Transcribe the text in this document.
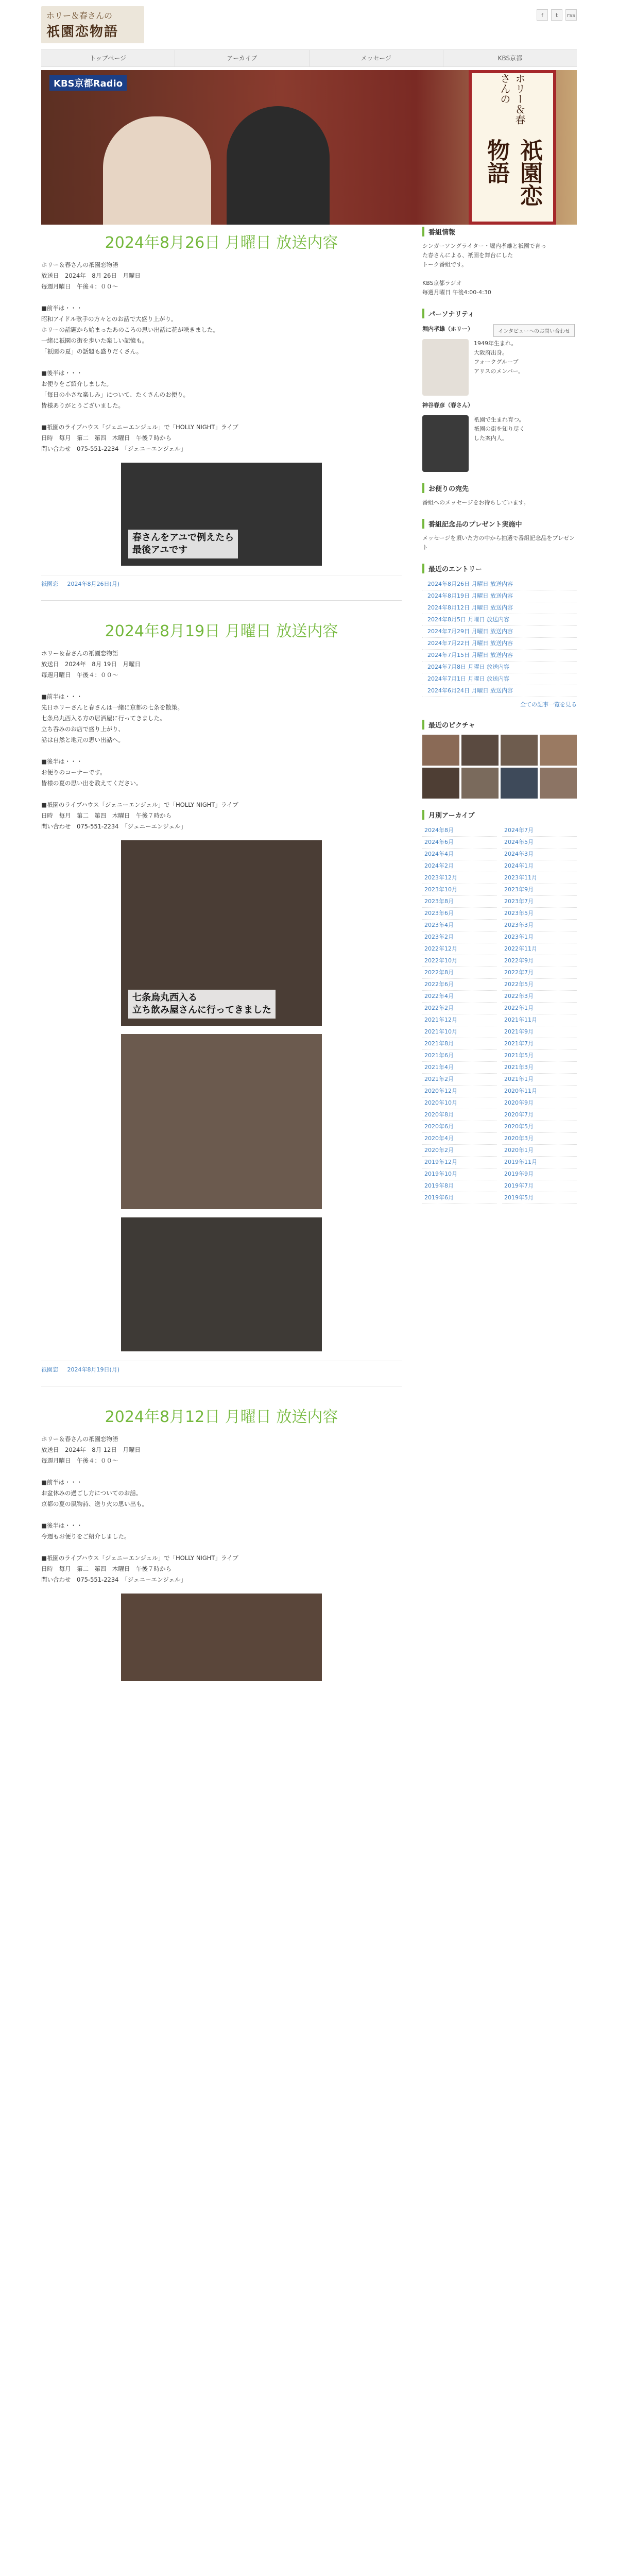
ホリー＆春さんの
祇園恋物語
f	t	rss
トップページ	アーカイブ	メッセージ	KBS京都
KBS京都Radio	ホリー＆春さんの
祇園恋物語
2024年8月26日 月曜日 放送内容

ホリー＆春さんの祇園恋物語
放送日　2024年　8月 26日　月曜日
毎週月曜日　午後４：００〜

■前半は・・・
昭和アイドル歌手の方々とのお話で大盛り上がり。
ホリーの話題から始まったあのころの思い出話に花が咲きました。
一緒に祇園の街を歩いた楽しい記憶も。
「祇園の夏」の話題も盛りだくさん。

■後半は・・・
お便りをご紹介しました。
「毎日の小さな楽しみ」について、たくさんのお便り。
皆様ありがとうございました。

■祇園のライブハウス「ジェニーエンジェル」で「HOLLY NIGHT」ライブ
日時　毎月　第二　第四　木曜日　午後７時から
問い合わせ　075-551-2234　「ジェニーエンジェル」

春さんをアユで例えたら
最後アユです
祇園恋 2024年8月26日(月)
2024年8月19日 月曜日 放送内容

ホリー＆春さんの祇園恋物語
放送日　2024年　8月 19日　月曜日
毎週月曜日　午後４：００〜

■前半は・・・
先日ホリーさんと春さんは一緒に京都の七条を散策。
七条烏丸西入る方の居酒屋に行ってきました。
立ち呑みのお店で盛り上がり、
話は自然と地元の思い出話へ。

■後半は・・・
お便りのコーナーです。
皆様の夏の思い出を教えてください。

■祇園のライブハウス「ジェニーエンジェル」で「HOLLY NIGHT」ライブ
日時　毎月　第二　第四　木曜日　午後７時から
問い合わせ　075-551-2234　「ジェニーエンジェル」

七条烏丸西入る
立ち飲み屋さんに行ってきました
祇園恋 2024年8月19日(月)
2024年8月12日 月曜日 放送内容

ホリー＆春さんの祇園恋物語
放送日　2024年　8月 12日　月曜日
毎週月曜日　午後４：００〜

■前半は・・・
お盆休みの過ごし方についてのお話。
京都の夏の風物詩、送り火の思い出も。

■後半は・・・
今週もお便りをご紹介しました。

■祇園のライブハウス「ジェニーエンジェル」で「HOLLY NIGHT」ライブ
日時　毎月　第二　第四　木曜日　午後７時から
問い合わせ　075-551-2234　「ジェニーエンジェル」

番組情報
シンガーソングライター・堀内孝雄と祇園で育っ
た春さんによる、祇園を舞台にした
トーク番組です。

KBS京都ラジオ
毎週月曜日 午後4:00-4:30
パーソナリティ
インタビューへのお問い合わせ
堀内孝雄（ホリー）
1949年生まれ。
大阪府出身。
フォークグループ
アリスのメンバー。
神谷春彦（春さん）
祇園で生まれ育つ。
祇園の街を知り尽く
した案内人。
お便りの宛先
番組へのメッセージをお待ちしています。
番組記念品のプレゼント実施中
メッセージを頂いた方の中から抽選で番組記念品をプレゼント
最近のエントリー
2024年8月26日 月曜日 放送内容
2024年8月19日 月曜日 放送内容
2024年8月12日 月曜日 放送内容
2024年8月5日 月曜日 放送内容
2024年7月29日 月曜日 放送内容
2024年7月22日 月曜日 放送内容
2024年7月15日 月曜日 放送内容
2024年7月8日 月曜日 放送内容
2024年7月1日 月曜日 放送内容
2024年6月24日 月曜日 放送内容
全ての記事一覧を見る
最近のピクチャ
月別アーカイブ
2024年8月	2024年7月
2024年6月	2024年5月
2024年4月	2024年3月
2024年2月	2024年1月
2023年12月	2023年11月
2023年10月	2023年9月
2023年8月	2023年7月
2023年6月	2023年5月
2023年4月	2023年3月
2023年2月	2023年1月
2022年12月	2022年11月
2022年10月	2022年9月
2022年8月	2022年7月
2022年6月	2022年5月
2022年4月	2022年3月
2022年2月	2022年1月
2021年12月	2021年11月
2021年10月	2021年9月
2021年8月	2021年7月
2021年6月	2021年5月
2021年4月	2021年3月
2021年2月	2021年1月
2020年12月	2020年11月
2020年10月	2020年9月
2020年8月	2020年7月
2020年6月	2020年5月
2020年4月	2020年3月
2020年2月	2020年1月
2019年12月	2019年11月
2019年10月	2019年9月
2019年8月	2019年7月
2019年6月	2019年5月
